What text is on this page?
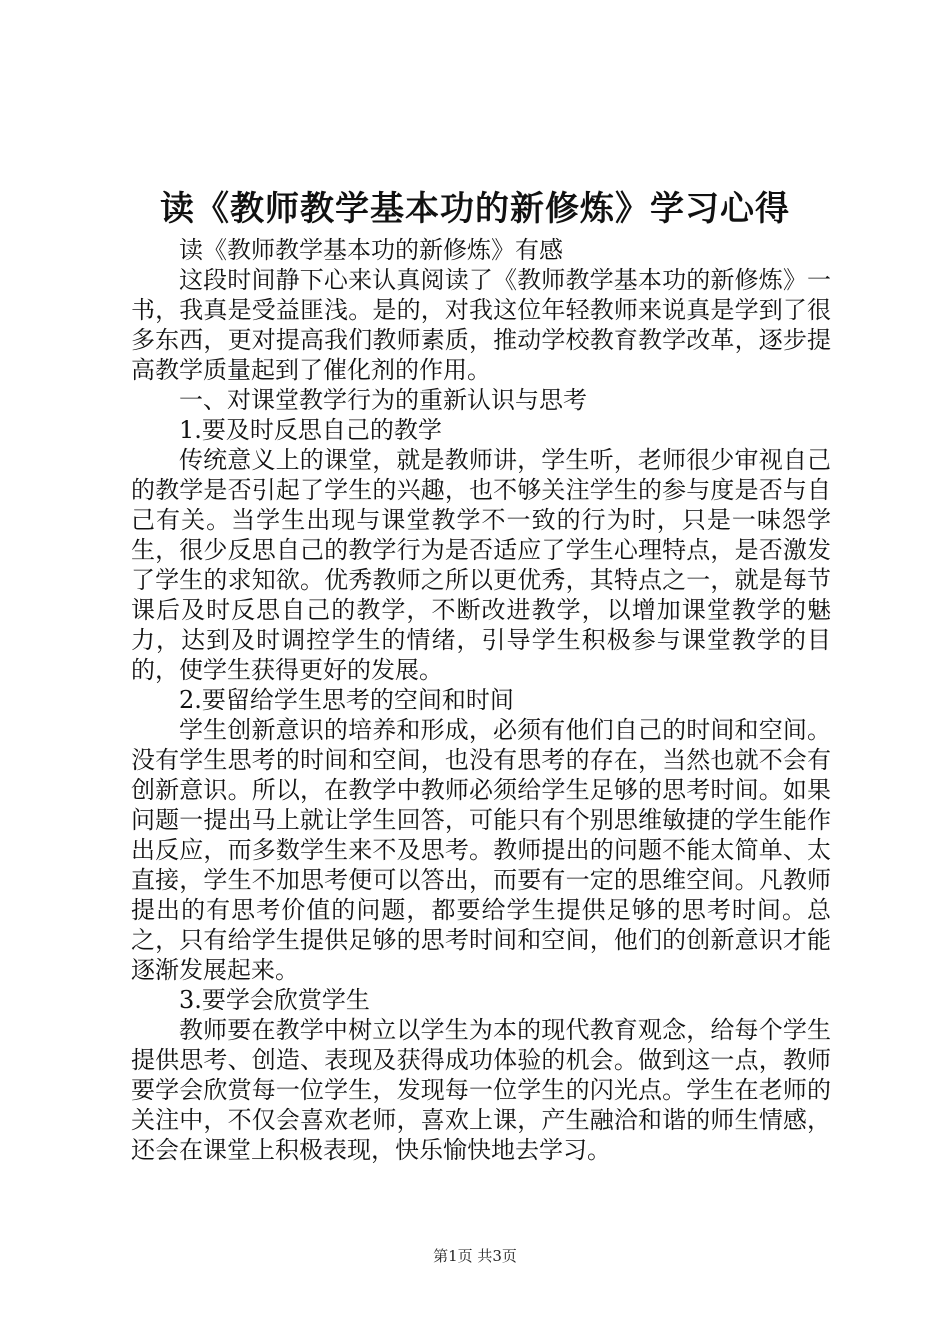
读《教师教学基本功的新修炼》学习心得

读《教师教学基本功的新修炼》有感

这段时间静下心来认真阅读了《教师教学基本功的新修炼》一书，我真是受益匪浅。是的，对我这位年轻教师来说真是学到了很多东西，更对提高我们教师素质，推动学校教育教学改革，逐步提高教学质量起到了催化剂的作用。

一、对课堂教学行为的重新认识与思考

1.要及时反思自己的教学

传统意义上的课堂，就是教师讲，学生听，老师很少审视自己的教学是否引起了学生的兴趣，也不够关注学生的参与度是否与自己有关。当学生出现与课堂教学不一致的行为时，只是一味怨学生，很少反思自己的教学行为是否适应了学生心理特点，是否激发了学生的求知欲。优秀教师之所以更优秀，其特点之一，就是每节课后及时反思自己的教学，不断改进教学，以增加课堂教学的魅力，达到及时调控学生的情绪，引导学生积极参与课堂教学的目的，使学生获得更好的发展。

2.要留给学生思考的空间和时间

学生创新意识的培养和形成，必须有他们自己的时间和空间。没有学生思考的时间和空间，也没有思考的存在，当然也就不会有创新意识。所以，在教学中教师必须给学生足够的思考时间。如果问题一提出马上就让学生回答，可能只有个别思维敏捷的学生能作出反应，而多数学生来不及思考。教师提出的问题不能太简单、太直接，学生不加思考便可以答出，而要有一定的思维空间。凡教师提出的有思考价值的问题，都要给学生提供足够的思考时间。总之，只有给学生提供足够的思考时间和空间，他们的创新意识才能逐渐发展起来。

3.要学会欣赏学生

教师要在教学中树立以学生为本的现代教育观念，给每个学生提供思考、创造、表现及获得成功体验的机会。做到这一点，教师要学会欣赏每一位学生，发现每一位学生的闪光点。学生在老师的关注中，不仅会喜欢老师，喜欢上课，产生融洽和谐的师生情感，还会在课堂上积极表现，快乐愉快地去学习。

第1页 共3页
